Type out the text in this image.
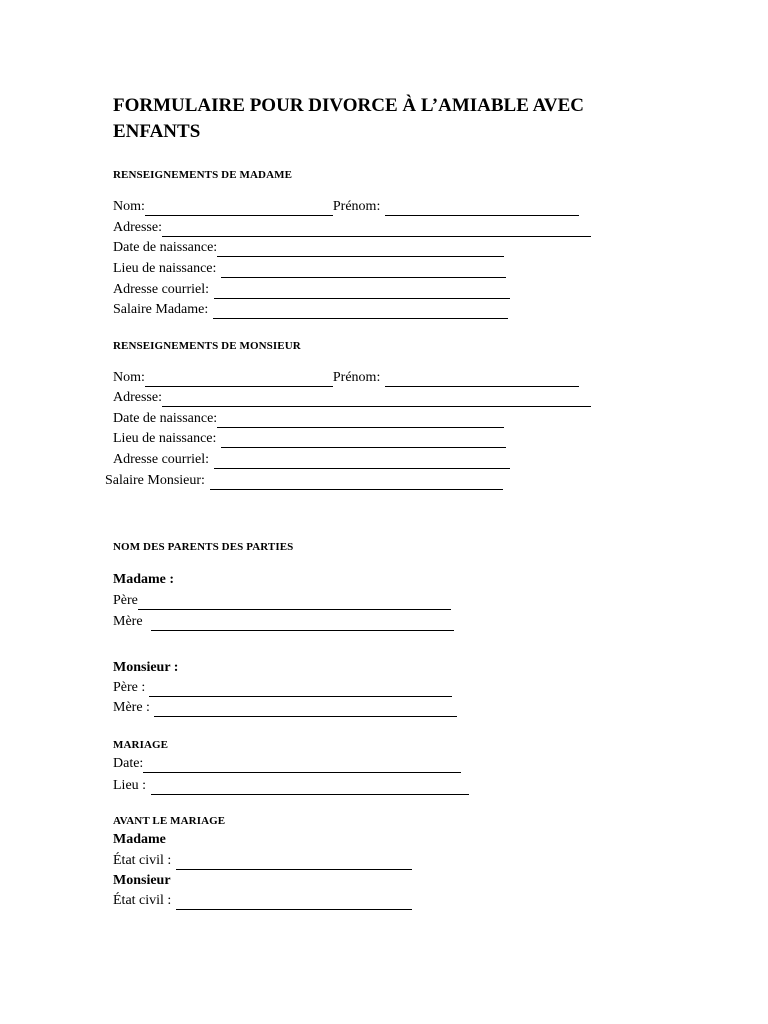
FORMULAIRE POUR DIVORCE À L’AMIABLE AVEC ENFANTS
RENSEIGNEMENTS DE MADAME
Nom:	Prénom:
Adresse:
Date de naissance:
Lieu de naissance:
Adresse courriel:
Salaire Madame:
RENSEIGNEMENTS DE MONSIEUR
Nom:	Prénom:
Adresse:
Date de naissance:
Lieu de naissance:
Adresse courriel:
Salaire Monsieur:
NOM DES PARENTS DES PARTIES
Madame :
Père
Mère
Monsieur :
Père :
Mère :
MARIAGE
Date:
Lieu :
AVANT LE MARIAGE
Madame
État civil :
Monsieur
État civil :
